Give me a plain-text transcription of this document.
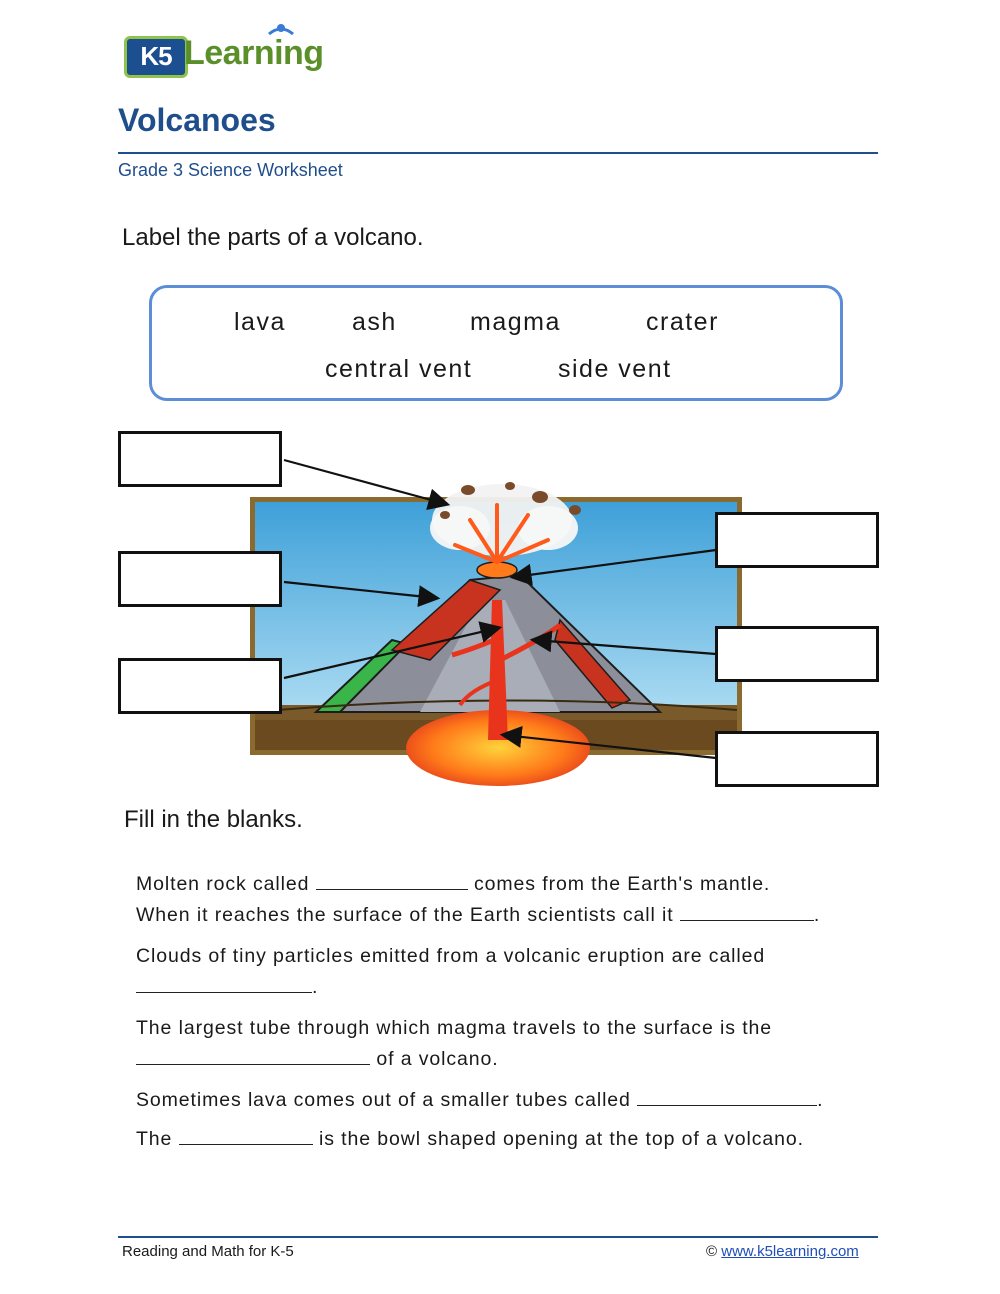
K5 Learning
Volcanoes
Grade 3 Science Worksheet
Label the parts of a volcano.
lava	ash	magma	crater
central vent	side vent
Fill in the blanks.
Molten rock called	comes from the Earth's mantle.
When it reaches the surface of the Earth scientists call it	.
Clouds of tiny particles emitted from a volcanic eruption are called
.
The largest tube through which magma travels to the surface is the
of a volcano.
Sometimes lava comes out of a smaller tubes called	.
The	is the bowl shaped opening at the top of a volcano.
Reading and Math for K-5	© www.k5learning.com
